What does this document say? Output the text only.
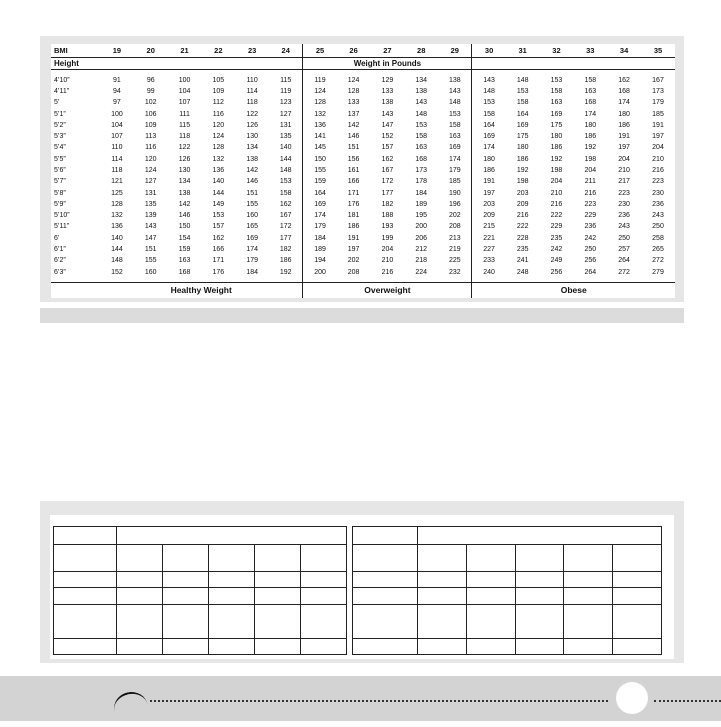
BMI	19	20	21	22	23	24	25	26	27	28	29	30	31	32	33	34	35
Height							Weight in Pounds										

4’10”	91	96	100	105	110	115	119	124	129	134	138	143	148	153	158	162	167
4’11”	94	99	104	109	114	119	124	128	133	138	143	148	153	158	163	168	173
5’	97	102	107	112	118	123	128	133	138	143	148	153	158	163	168	174	179
5’1”	100	106	111	116	122	127	132	137	143	148	153	158	164	169	174	180	185
5’2”	104	109	115	120	126	131	136	142	147	153	158	164	169	175	180	186	191
5’3”	107	113	118	124	130	135	141	146	152	158	163	169	175	180	186	191	197
5’4”	110	116	122	128	134	140	145	151	157	163	169	174	180	186	192	197	204
5’5”	114	120	126	132	138	144	150	156	162	168	174	180	186	192	198	204	210
5’6”	118	124	130	136	142	148	155	161	167	173	179	186	192	198	204	210	216
5’7”	121	127	134	140	146	153	159	166	172	178	185	191	198	204	211	217	223
5’8”	125	131	138	144	151	158	164	171	177	184	190	197	203	210	216	223	230
5’9”	128	135	142	149	155	162	169	176	182	189	196	203	209	216	223	230	236
5’10”	132	139	146	153	160	167	174	181	188	195	202	209	216	222	229	236	243
5’11”	136	143	150	157	165	172	179	186	193	200	208	215	222	229	236	243	250
6’	140	147	154	162	169	177	184	191	199	206	213	221	228	235	242	250	258
6’1”	144	151	159	166	174	182	189	197	204	212	219	227	235	242	250	257	265
6’2”	148	155	163	171	179	186	194	202	210	218	225	233	241	249	256	264	272
6’3”	152	160	168	176	184	192	200	208	216	224	232	240	248	256	264	272	279

	Healthy Weight						Overweight					Obese					
